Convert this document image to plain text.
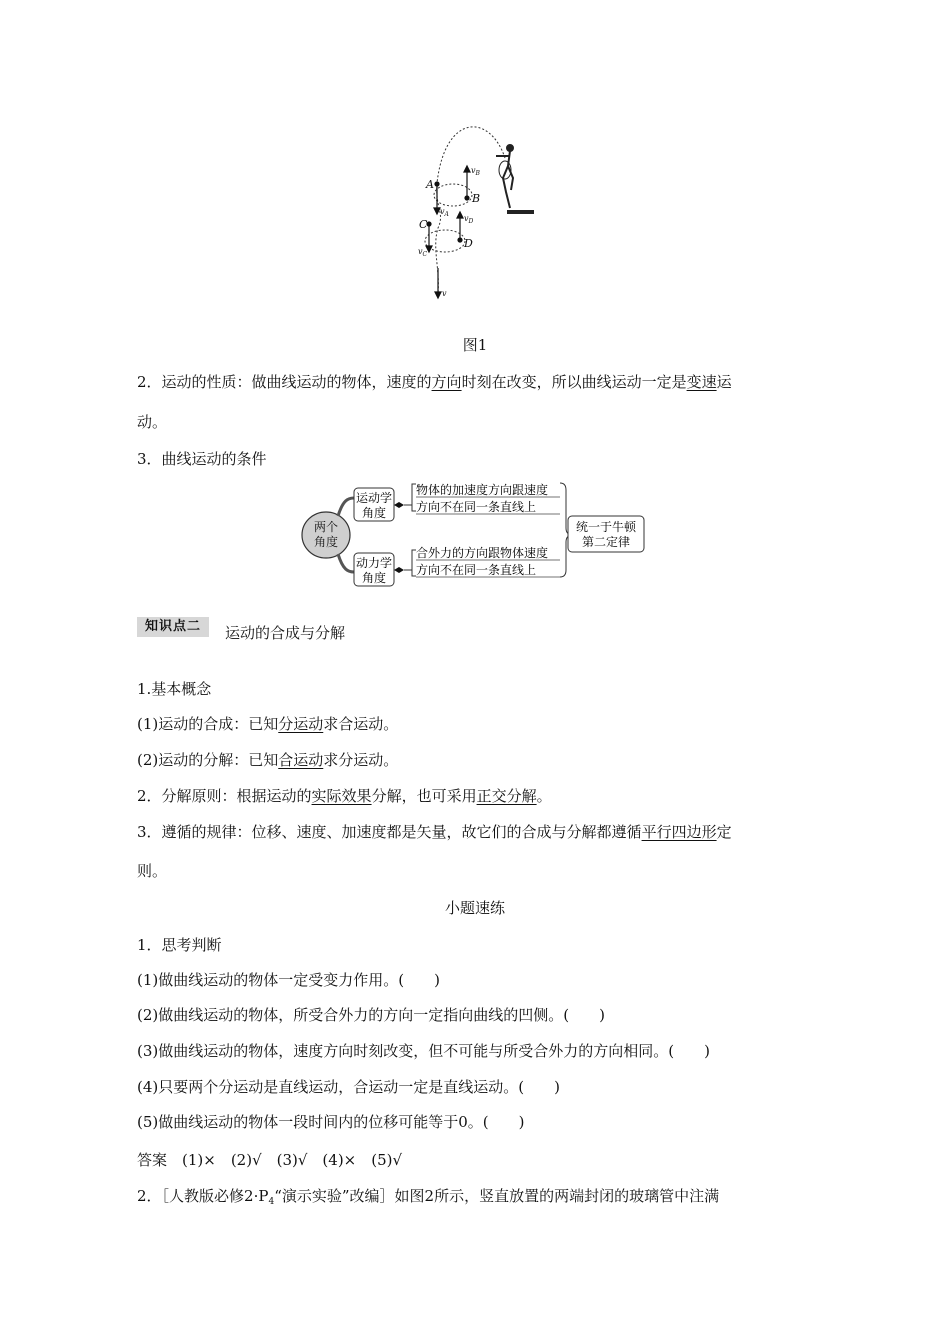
A
B
C
D
$v_A$
$v_B$
$v_C$
$v_D$
v
图1
2．运动的性质：做曲线运动的物体，速度的方向时刻在改变，所以曲线运动一定是变速运
动。
3．曲线运动的条件
两个角度
运动学角度
动力学角度
物体的加速度方向跟速度方向不在同一条直线上
合外力的方向跟物体速度方向不在同一条直线上
统一于牛顿第二定律
知识点二	运动的合成与分解
1.基本概念
(1)运动的合成：已知分运动求合运动。
(2)运动的分解：已知合运动求分运动。
2．分解原则：根据运动的实际效果分解，也可采用正交分解。
3．遵循的规律：位移、速度、加速度都是矢量，故它们的合成与分解都遵循平行四边形定
则。
小题速练
1．思考判断
(1)做曲线运动的物体一定受变力作用。(　　)
(2)做曲线运动的物体，所受合外力的方向一定指向曲线的凹侧。(　　)
(3)做曲线运动的物体，速度方向时刻改变，但不可能与所受合外力的方向相同。(　　)
(4)只要两个分运动是直线运动，合运动一定是直线运动。(　　)
(5)做曲线运动的物体一段时间内的位移可能等于0。(　　)
答案　(1)×　(2)√　(3)√　(4)×　(5)√
2．［人教版必修$2\cdot P_4“$演示实验”改编］如图2所示，竖直放置的两端封闭的玻璃管中注满
